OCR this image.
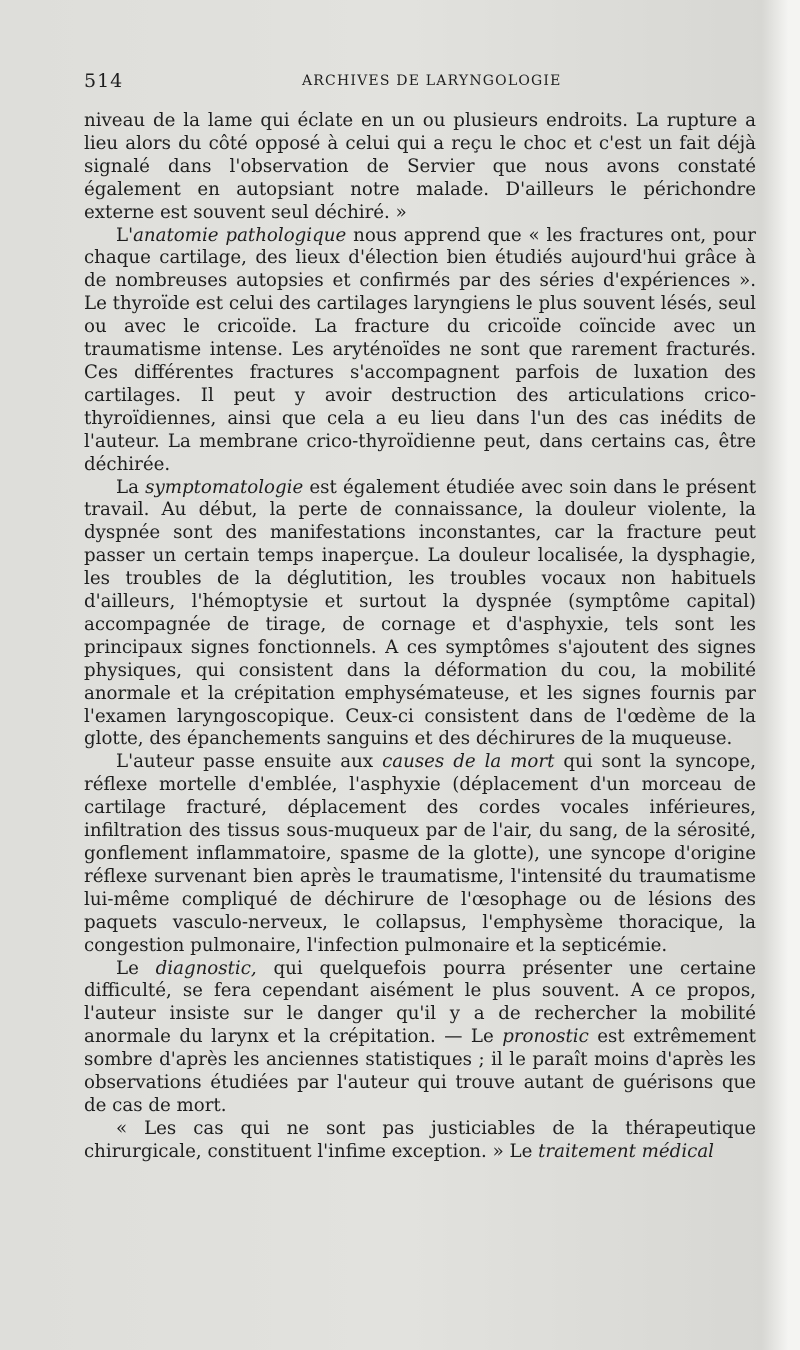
514	ARCHIVES DE LARYNGOLOGIE

niveau de la lame qui éclate en un ou plusieurs endroits. La rupture a lieu alors du côté opposé à celui qui a reçu le choc et c'est un fait déjà signalé dans l'observation de Servier que nous avons constaté également en autopsiant notre malade. D'ailleurs le périchondre externe est souvent seul déchiré. »

L'anatomie pathologique nous apprend que « les fractures ont, pour chaque cartilage, des lieux d'élection bien étudiés aujourd'hui grâce à de nombreuses autopsies et confirmés par des séries d'expériences ». Le thyroïde est celui des cartilages laryngiens le plus souvent lésés, seul ou avec le cricoïde. La fracture du cricoïde coïncide avec un traumatisme intense. Les aryténoïdes ne sont que rarement fracturés. Ces différentes fractures s'accompagnent parfois de luxation des cartilages. Il peut y avoir destruction des articulations crico-thyroïdiennes, ainsi que cela a eu lieu dans l'un des cas inédits de l'auteur. La membrane crico-thyroïdienne peut, dans certains cas, être déchirée.

La symptomatologie est également étudiée avec soin dans le présent travail. Au début, la perte de connaissance, la douleur violente, la dyspnée sont des manifestations inconstantes, car la fracture peut passer un certain temps inaperçue. La douleur localisée, la dysphagie, les troubles de la déglutition, les troubles vocaux non habituels d'ailleurs, l'hémoptysie et surtout la dyspnée (symptôme capital) accompagnée de tirage, de cornage et d'asphyxie, tels sont les principaux signes fonctionnels. A ces symptômes s'ajoutent des signes physiques, qui consistent dans la déformation du cou, la mobilité anormale et la crépitation emphysémateuse, et les signes fournis par l'examen laryngoscopique. Ceux-ci consistent dans de l'œdème de la glotte, des épanchements sanguins et des déchirures de la muqueuse.

L'auteur passe ensuite aux causes de la mort qui sont la syncope, réflexe mortelle d'emblée, l'asphyxie (déplacement d'un morceau de cartilage fracturé, déplacement des cordes vocales inférieures, infiltration des tissus sous-muqueux par de l'air, du sang, de la sérosité, gonflement inflammatoire, spasme de la glotte), une syncope d'origine réflexe survenant bien après le traumatisme, l'intensité du traumatisme lui-même compliqué de déchirure de l'œsophage ou de lésions des paquets vasculo-nerveux, le collapsus, l'emphysème thoracique, la congestion pulmonaire, l'infection pulmonaire et la septicémie.

Le diagnostic, qui quelquefois pourra présenter une certaine difficulté, se fera cependant aisément le plus souvent. A ce propos, l'auteur insiste sur le danger qu'il y a de rechercher la mobilité anormale du larynx et la crépitation. — Le pronostic est extrêmement sombre d'après les anciennes statistiques ; il le paraît moins d'après les observations étudiées par l'auteur qui trouve autant de guérisons que de cas de mort.

« Les cas qui ne sont pas justiciables de la thérapeutique chirurgicale, constituent l'infime exception. » Le traitement médical
